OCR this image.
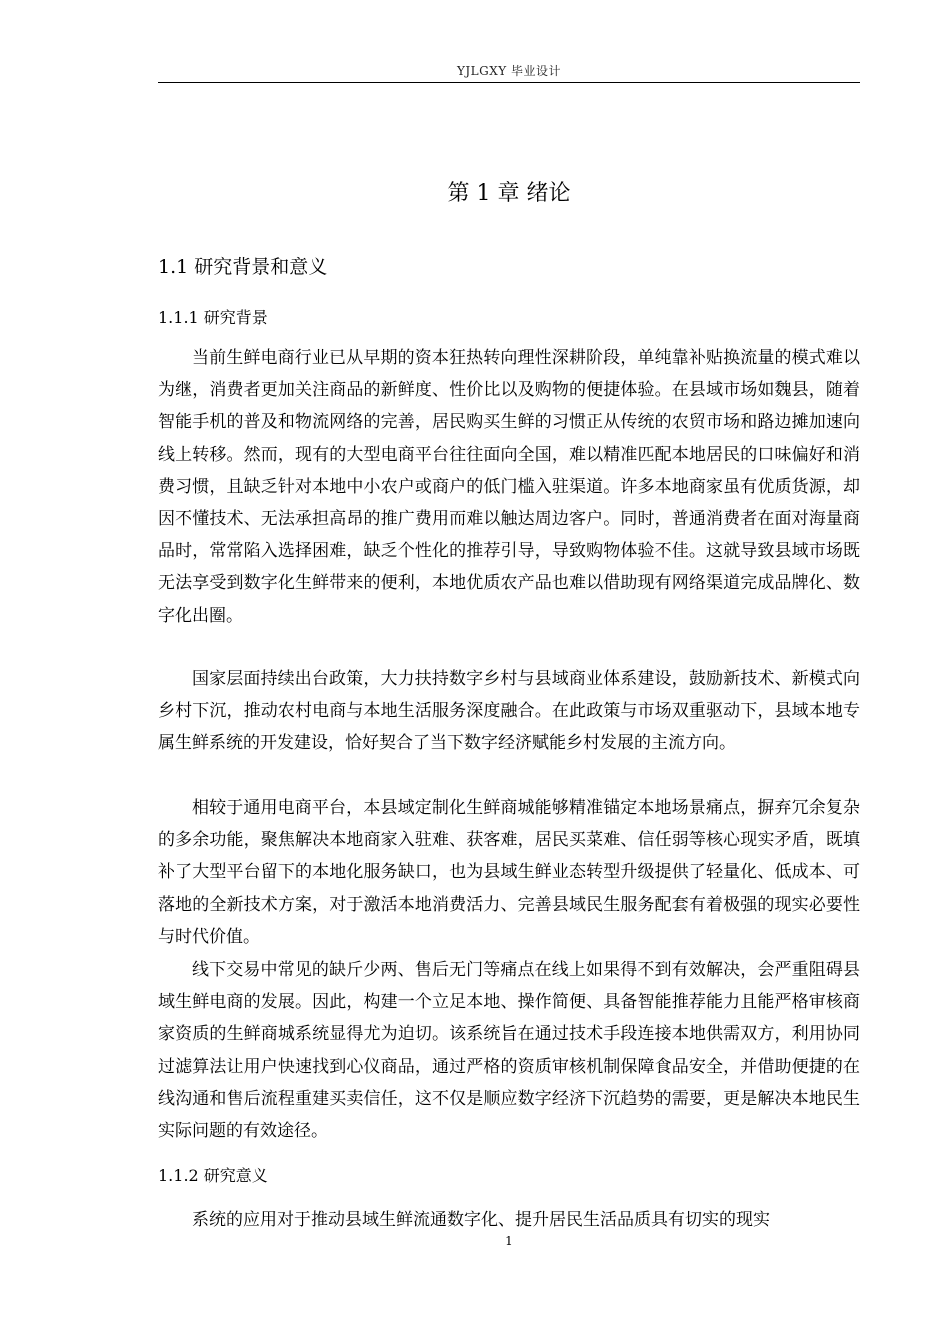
YJLGXY 毕业设计
第 1 章 绪论
1.1 研究背景和意义
1.1.1 研究背景

当前生鲜电商行业已从早期的资本狂热转向理性深耕阶段，单纯靠补贴换流量的模式难以为继，消费者更加关注商品的新鲜度、性价比以及购物的便捷体验。在县域市场如魏县，随着智能手机的普及和物流网络的完善，居民购买生鲜的习惯正从传统的农贸市场和路边摊加速向线上转移。然而，现有的大型电商平台往往面向全国，难以精准匹配本地居民的口味偏好和消费习惯，且缺乏针对本地中小农户或商户的低门槛入驻渠道。许多本地商家虽有优质货源，却因不懂技术、无法承担高昂的推广费用而难以触达周边客户。同时，普通消费者在面对海量商品时，常常陷入选择困难，缺乏个性化的推荐引导，导致购物体验不佳。这就导致县域市场既无法享受到数字化生鲜带来的便利，本地优质农产品也难以借助现有网络渠道完成品牌化、数字化出圈。

国家层面持续出台政策，大力扶持数字乡村与县域商业体系建设，鼓励新技术、新模式向乡村下沉，推动农村电商与本地生活服务深度融合。在此政策与市场双重驱动下，县域本地专属生鲜系统的开发建设，恰好契合了当下数字经济赋能乡村发展的主流方向。

相较于通用电商平台，本县域定制化生鲜商城能够精准锚定本地场景痛点，摒弃冗余复杂的多余功能，聚焦解决本地商家入驻难、获客难，居民买菜难、信任弱等核心现实矛盾，既填补了大型平台留下的本地化服务缺口，也为县域生鲜业态转型升级提供了轻量化、低成本、可落地的全新技术方案，对于激活本地消费活力、完善县域民生服务配套有着极强的现实必要性与时代价值。

线下交易中常见的缺斤少两、售后无门等痛点在线上如果得不到有效解决，会严重阻碍县域生鲜电商的发展。因此，构建一个立足本地、操作简便、具备智能推荐能力且能严格审核商家资质的生鲜商城系统显得尤为迫切。该系统旨在通过技术手段连接本地供需双方，利用协同过滤算法让用户快速找到心仪商品，通过严格的资质审核机制保障食品安全，并借助便捷的在线沟通和售后流程重建买卖信任，这不仅是顺应数字经济下沉趋势的需要，更是解决本地民生实际问题的有效途径。

1.1.2 研究意义

系统的应用对于推动县域生鲜流通数字化、提升居民生活品质具有切实的现实

1
